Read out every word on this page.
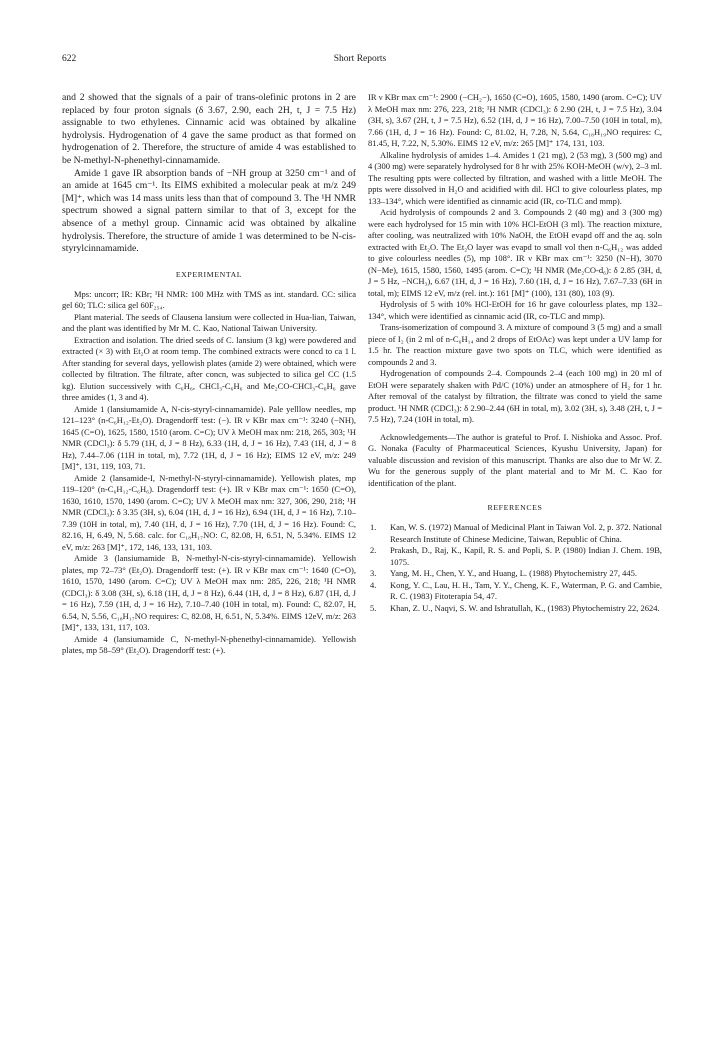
622	Short Reports

and 2 showed that the signals of a pair of trans-olefinic protons in 2 are replaced by four proton signals (δ 3.67, 2.90, each 2H, t, J = 7.5 Hz) assignable to two ethylenes. Cinnamic acid was obtained by alkaline hydrolysis. Hydrogenation of 4 gave the same product as that formed on hydrogenation of 2. Therefore, the structure of amide 4 was established to be N-methyl-N-phenethyl-cinnamamide.

Amide 1 gave IR absorption bands of −NH group at 3250 cm⁻¹ and of an amide at 1645 cm⁻¹. Its EIMS exhibited a molecular peak at m/z 249 [M]⁺, which was 14 mass units less than that of compound 3. The ¹H NMR spectrum showed a signal pattern similar to that of 3, except for the absence of a methyl group. Cinnamic acid was obtained by alkaline hydrolysis. Therefore, the structure of amide 1 was determined to be N-cis-styrylcinnamamide.

EXPERIMENTAL

Mps: uncorr; IR: KBr; ¹H NMR: 100 MHz with TMS as int. standard. CC: silica gel 60; TLC: silica gel 60F₂₅₄.

Plant material. The seeds of Clausena lansium were collected in Hua-lian, Taiwan, and the plant was identified by Mr M. C. Kao, National Taiwan University.

Extraction and isolation. The dried seeds of C. lansium (3 kg) were powdered and extracted (× 3) with Et₂O at room temp. The combined extracts were concd to ca 1 l. After standing for several days, yellowish plates (amide 2) were obtained, which were collected by filtration. The filtrate, after concn, was subjected to silica gel CC (1.5 kg). Elution successively with C₆H₆, CHCl₃-C₆H₆ and Me₂CO-CHCl₃-C₆H₆ gave three amides (1, 3 and 4).

Amide 1 (lansiumamide A, N-cis-styryl-cinnamamide). Pale yelllow needles, mp 121–123° (n-C₆H₁₂-Et₂O). Dragendorff test: (−). IR ν KBr max cm⁻¹: 3240 (−NH), 1645 (C=O), 1625, 1580, 1510 (arom. C=C); UV λ MeOH max nm: 218, 265, 303; ¹H NMR (CDCl₃): δ 5.79 (1H, d, J = 8 Hz), 6.33 (1H, d, J = 16 Hz), 7.43 (1H, d, J = 8 Hz), 7.44–7.06 (11H in total, m), 7.72 (1H, d, J = 16 Hz); EIMS 12 eV, m/z: 249 [M]⁺, 131, 119, 103, 71.

Amide 2 (lansamide-I, N-methyl-N-styryl-cinnamamide). Yellowish plates, mp 119–120° (n-C₆H₁₂-C₆H₆). Dragendorff test: (+). IR ν KBr max cm⁻¹: 1650 (C=O), 1630, 1610, 1570, 1490 (arom. C=C); UV λ MeOH max nm: 327, 306, 290, 218; ¹H NMR (CDCl₃): δ 3.35 (3H, s), 6.04 (1H, d, J = 16 Hz), 6.94 (1H, d, J = 16 Hz), 7.10–7.39 (10H in total, m), 7.40 (1H, d, J = 16 Hz), 7.70 (1H, d, J = 16 Hz). Found: C, 82.16, H, 6.49, N, 5.68. calc. for C₁₈H₁₇NO: C, 82.08, H, 6.51, N, 5.34%. EIMS 12 eV, m/z: 263 [M]⁺, 172, 146, 133, 131, 103.

Amide 3 (lansiumamide B, N-methyl-N-cis-styryl-cinnamamide). Yellowish plates, mp 72–73° (Et₂O). Dragendorff test: (+). IR ν KBr max cm⁻¹: 1640 (C=O), 1610, 1570, 1490 (arom. C=C); UV λ MeOH max nm: 285, 226, 218; ¹H NMR (CDCl₃): δ 3.08 (3H, s), 6.18 (1H, d, J = 8 Hz), 6.44 (1H, d, J = 8 Hz), 6.87 (1H, d, J = 16 Hz), 7.59 (1H, d, J = 16 Hz), 7.10–7.40 (10H in total, m). Found: C, 82.07, H, 6.54, N, 5.56, C₁₈H₁₇NO requires: C, 82.08, H, 6.51, N, 5.34%. EIMS 12eV, m/z: 263 [M]⁺, 133, 131, 117, 103.

Amide 4 (lansiumamide C, N-methyl-N-phenethyl-cinnamamide). Yellowish plates, mp 58–59° (Et₂O). Dragendorff test: (+).

IR ν KBr max cm⁻¹: 2900 (−CH₂−), 1650 (C=O), 1605, 1580, 1490 (arom. C=C); UV λ MeOH max nm: 276, 223, 218; ¹H NMR (CDCl₃): δ 2.90 (2H, t, J = 7.5 Hz), 3.04 (3H, s), 3.67 (2H, t, J = 7.5 Hz), 6.52 (1H, d, J = 16 Hz), 7.00–7.50 (10H in total, m), 7.66 (1H, d, J = 16 Hz). Found: C, 81.02, H, 7.28, N, 5.64, C₁₈H₁₉NO requires: C, 81.45, H, 7.22, N, 5.30%. EIMS 12 eV, m/z: 265 [M]⁺ 174, 131, 103.

Alkaline hydrolysis of amides 1–4. Amides 1 (21 mg), 2 (53 mg), 3 (500 mg) and 4 (300 mg) were separately hydrolysed for 8 hr with 25% KOH-MeOH (w/v), 2–3 ml. The resulting ppts were collected by filtration, and washed with a little MeOH. The ppts were dissolved in H₂O and acidified with dil. HCl to give colourless plates, mp 133–134°, which were identified as cinnamic acid (IR, co-TLC and mmp).

Acid hydrolysis of compounds 2 and 3. Compounds 2 (40 mg) and 3 (300 mg) were each hydrolysed for 15 min with 10% HCl-EtOH (3 ml). The reaction mixture, after cooling, was neutralized with 10% NaOH, the EtOH evapd off and the aq. soln extracted with Et₂O. The Et₂O layer was evapd to small vol then n-C₆H₁₂ was added to give colourless needles (5), mp 108°. IR ν KBr max cm⁻¹: 3250 (N−H), 3070 (N−Me), 1615, 1580, 1560, 1495 (arom. C=C); ¹H NMR (Me₂CO-d₆): δ 2.85 (3H, d, J = 5 Hz, −NCH₃), 6.67 (1H, d, J = 16 Hz), 7.60 (1H, d, J = 16 Hz), 7.67–7.33 (6H in total, m); EIMS 12 eV, m/z (rel. int.): 161 [M]⁺ (100), 131 (80), 103 (9).

Hydrolysis of 5 with 10% HCl-EtOH for 16 hr gave colourless plates, mp 132–134°, which were identified as cinnamic acid (IR, co-TLC and mmp).

Trans-isomerization of compound 3. A mixture of compound 3 (5 mg) and a small piece of I₂ (in 2 ml of n-C₆H₁₄ and 2 drops of EtOAc) was kept under a UV lamp for 1.5 hr. The reaction mixture gave two spots on TLC, which were identified as compounds 2 and 3.

Hydrogenation of compounds 2–4. Compounds 2–4 (each 100 mg) in 20 ml of EtOH were separately shaken with Pd/C (10%) under an atmosphere of H₂ for 1 hr. After removal of the catalyst by filtration, the filtrate was concd to yield the same product. ¹H NMR (CDCl₃): δ 2.90–2.44 (6H in total, m), 3.02 (3H, s), 3.48 (2H, t, J = 7.5 Hz), 7.24 (10H in total, m).

Acknowledgements—The author is grateful to Prof. I. Nishioka and Assoc. Prof. G. Nonaka (Faculty of Pharmaceutical Sciences, Kyushu University, Japan) for valuable discussion and revision of this manuscript. Thanks are also due to Mr W. Z. Wu for the generous supply of the plant material and to Mr M. C. Kao for identification of the plant.

REFERENCES
1. Kan, W. S. (1972) Manual of Medicinal Plant in Taiwan Vol. 2, p. 372. National Research Institute of Chinese Medicine, Taiwan, Republic of China.
2. Prakash, D., Raj, K., Kapil, R. S. and Popli, S. P. (1980) Indian J. Chem. 19B, 1075.
3. Yang, M. H., Chen, Y. Y., and Huang, L. (1988) Phytochemistry 27, 445.
4. Kong, Y. C., Lau, H. H., Tam, Y. Y., Cheng, K. F., Waterman, P. G. and Cambie, R. C. (1983) Fitoterapia 54, 47.
5. Khan, Z. U., Naqvi, S. W. and Ishratullah, K., (1983) Phytochemistry 22, 2624.
